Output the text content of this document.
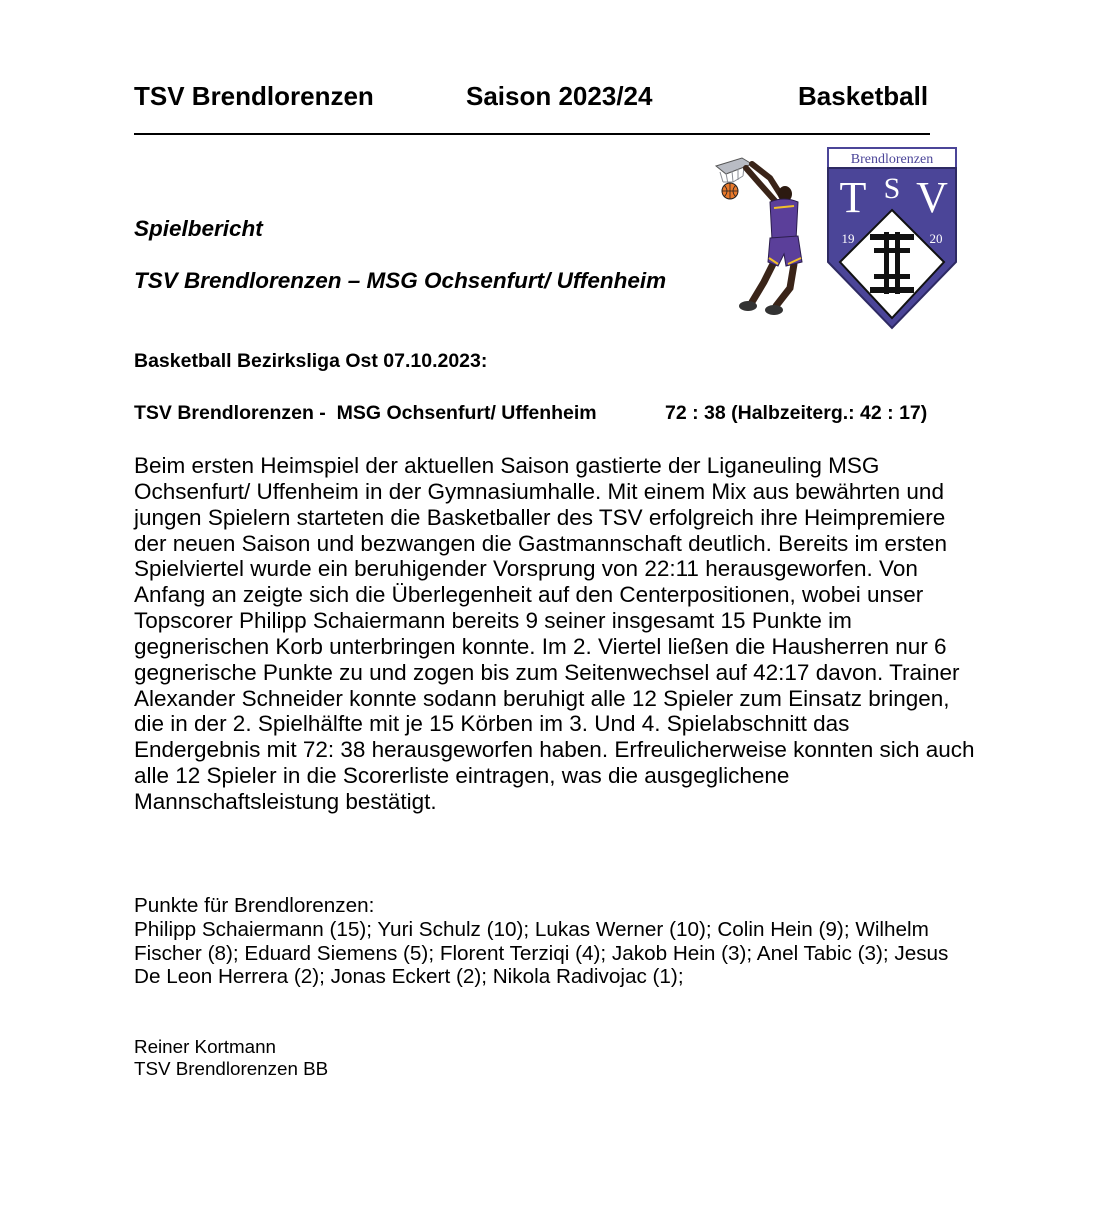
TSV Brendlorenzen	Saison 2023/24	Basketball
Brendlorenzen
T S V
19	20
Spielbericht
TSV Brendlorenzen – MSG Ochsenfurt/ Uffenheim
Basketball Bezirksliga Ost 07.10.2023:
TSV Brendlorenzen -  MSG Ochsenfurt/ Uffenheim	72 : 38 (Halbzeiterg.: 42 : 17)
Beim ersten Heimspiel der aktuellen Saison gastierte der Liganeuling MSG
Ochsenfurt/ Uffenheim in der Gymnasiumhalle. Mit einem Mix aus bewährten und
jungen Spielern starteten die Basketballer des TSV erfolgreich ihre Heimpremiere
der neuen Saison und bezwangen die Gastmannschaft deutlich. Bereits im ersten
Spielviertel wurde ein beruhigender Vorsprung von 22:11 herausgeworfen. Von
Anfang an zeigte sich die Überlegenheit auf den Centerpositionen, wobei unser
Topscorer Philipp Schaiermann bereits 9 seiner insgesamt 15 Punkte im
gegnerischen Korb unterbringen konnte. Im 2. Viertel ließen die Hausherren nur 6
gegnerische Punkte zu und zogen bis zum Seitenwechsel auf 42:17 davon. Trainer
Alexander Schneider konnte sodann beruhigt alle 12 Spieler zum Einsatz bringen,
die in der 2. Spielhälfte mit je 15 Körben im 3. Und 4. Spielabschnitt das
Endergebnis mit 72: 38 herausgeworfen haben. Erfreulicherweise konnten sich auch
alle 12 Spieler in die Scorerliste eintragen, was die ausgeglichene
Mannschaftsleistung bestätigt.
Punkte für Brendlorenzen:
Philipp Schaiermann (15); Yuri Schulz (10); Lukas Werner (10); Colin Hein (9); Wilhelm
Fischer (8); Eduard Siemens (5); Florent Terziqi (4); Jakob Hein (3); Anel Tabic (3); Jesus
De Leon Herrera (2); Jonas Eckert (2); Nikola Radivojac (1);
Reiner Kortmann
TSV Brendlorenzen BB
